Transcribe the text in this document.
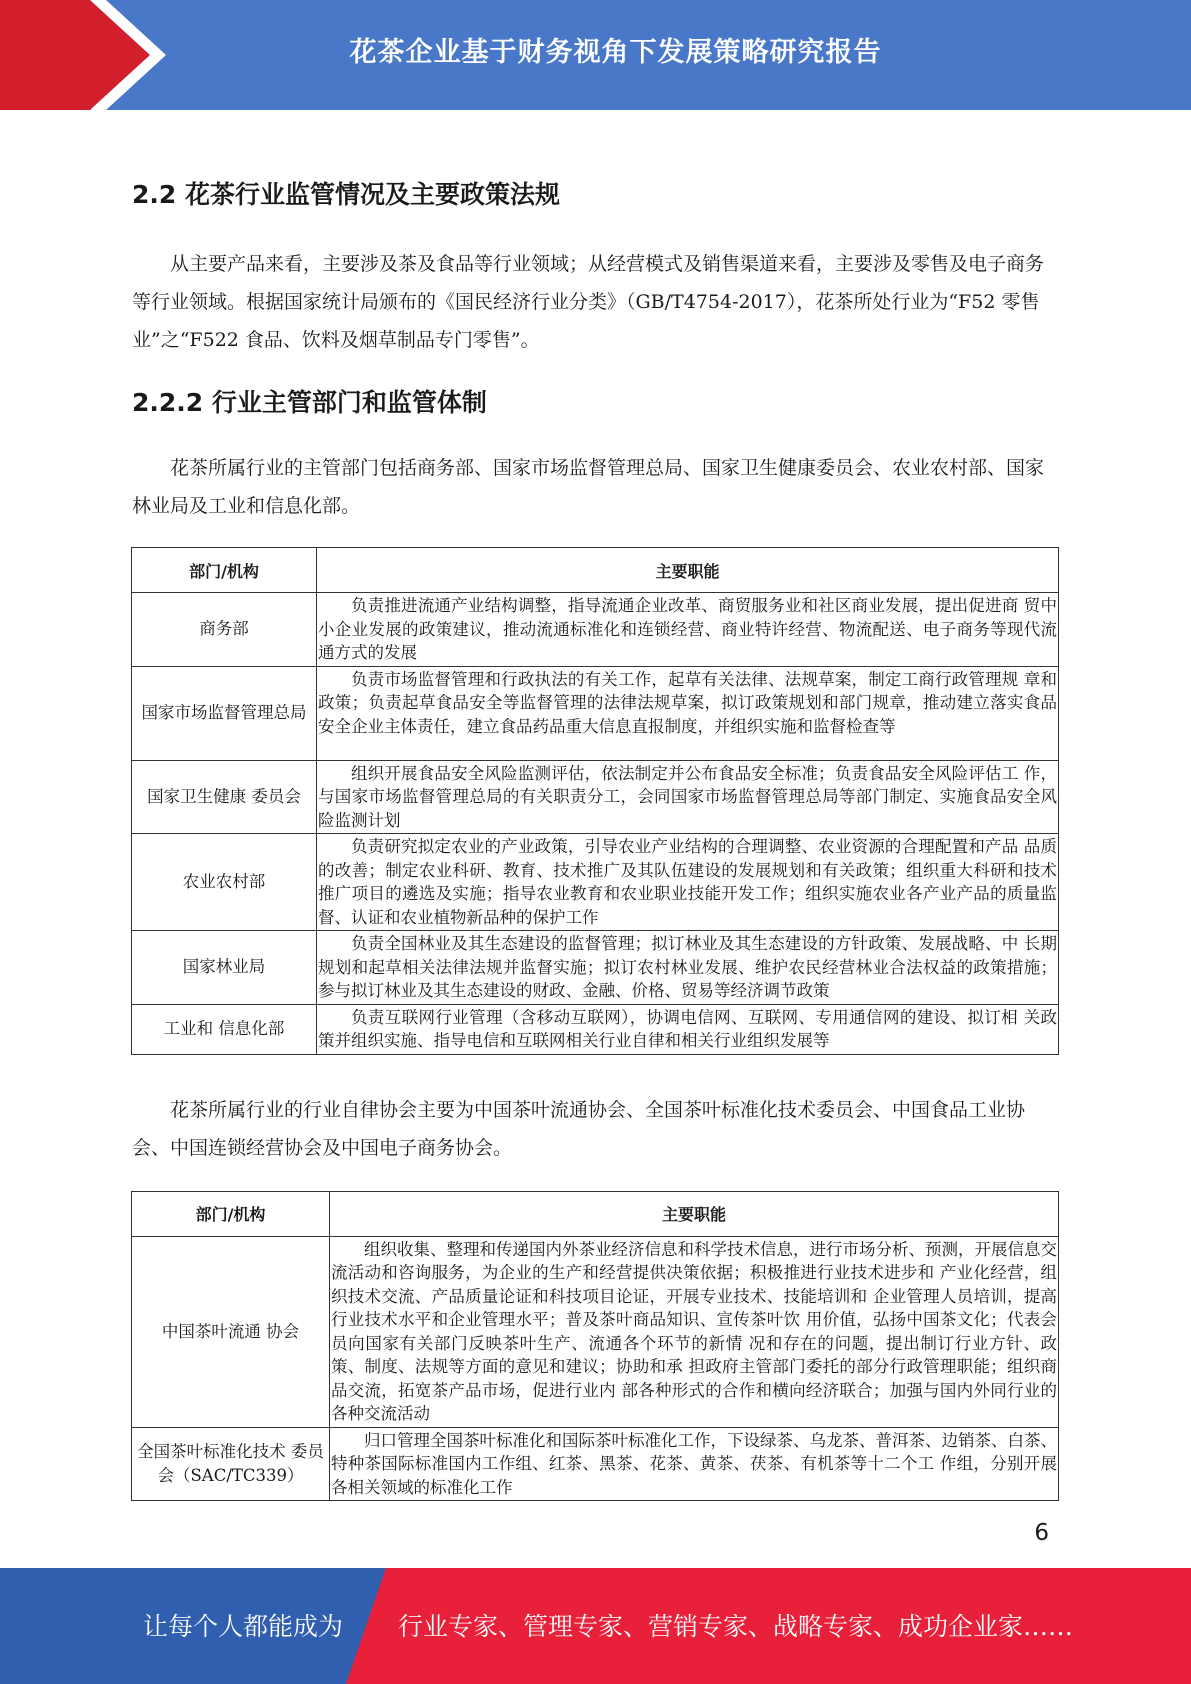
花茶企业基于财务视角下发展策略研究报告
2.2 花茶行业监管情况及主要政策法规

从主要产品来看，主要涉及茶及食品等行业领域；从经营模式及销售渠道来看，主要涉及零售及电子商务等行业领域。根据国家统计局颁布的《国民经济行业分类》（GB/T4754-2017），花茶所处行业为“F52 零售业”之“F522 食品、饮料及烟草制品专门零售”。

2.2.2 行业主管部门和监管体制

花茶所属行业的主管部门包括商务部、国家市场监督管理总局、国家卫生健康委员会、农业农村部、国家林业局及工业和信息化部。

部门/机构	主要职能
商务部	负责推进流通产业结构调整，指导流通企业改革、商贸服务业和社区商业发展，提出促进商 贸中小企业发展的政策建议，推动流通标准化和连锁经营、商业特许经营、物流配送、电子商务等现代流通方式的发展
国家市场监督管理总局	负责市场监督管理和行政执法的有关工作，起草有关法律、法规草案，制定工商行政管理规 章和政策；负责起草食品安全等监督管理的法律法规草案，拟订政策规划和部门规章，推动建立落实食品安全企业主体责任，建立食品药品重大信息直报制度，并组织实施和监督检查等
国家卫生健康 委员会	组织开展食品安全风险监测评估，依法制定并公布食品安全标准；负责食品安全风险评估工 作，与国家市场监督管理总局的有关职责分工，会同国家市场监督管理总局等部门制定、实施食品安全风险监测计划
农业农村部	负责研究拟定农业的产业政策，引导农业产业结构的合理调整、农业资源的合理配置和产品 品质的改善；制定农业科研、教育、技术推广及其队伍建设的发展规划和有关政策；组织重大科研和技术推广项目的遴选及实施；指导农业教育和农业职业技能开发工作；组织实施农业各产业产品的质量监督、认证和农业植物新品种的保护工作
国家林业局	负责全国林业及其生态建设的监督管理；拟订林业及其生态建设的方针政策、发展战略、中 长期规划和起草相关法律法规并监督实施；拟订农村林业发展、维护农民经营林业合法权益的政策措施；参与拟订林业及其生态建设的财政、金融、价格、贸易等经济调节政策
工业和 信息化部	负责互联网行业管理（含移动互联网），协调电信网、互联网、专用通信网的建设、拟订相 关政策并组织实施、指导电信和互联网相关行业自律和相关行业组织发展等

花茶所属行业的行业自律协会主要为中国茶叶流通协会、全国茶叶标准化技术委员会、中国食品工业协会、中国连锁经营协会及中国电子商务协会。

部门/机构	主要职能
中国茶叶流通 协会	组织收集、整理和传递国内外茶业经济信息和科学技术信息，进行市场分析、预测，开展信息交流活动和咨询服务，为企业的生产和经营提供决策依据；积极推进行业技术进步和 产业化经营，组织技术交流、产品质量论证和科技项目论证，开展专业技术、技能培训和 企业管理人员培训，提高行业技术水平和企业管理水平；普及茶叶商品知识、宣传茶叶饮 用价值，弘扬中国茶文化；代表会员向国家有关部门反映茶叶生产、流通各个环节的新情 况和存在的问题，提出制订行业方针、政策、制度、法规等方面的意见和建议；协助和承 担政府主管部门委托的部分行政管理职能；组织商品交流，拓宽茶产品市场，促进行业内 部各种形式的合作和横向经济联合；加强与国内外同行业的各种交流活动
全国茶叶标准化技术 委员会（SAC/TC339）	归口管理全国茶叶标准化和国际茶叶标准化工作，下设绿茶、乌龙茶、普洱茶、边销茶、白茶、特种茶国际标准国内工作组、红茶、黑茶、花茶、黄茶、茯茶、有机茶等十二个工 作组，分别开展各相关领域的标准化工作
6
让每个人都能成为 行业专家、管理专家、营销专家、战略专家、成功企业家……
